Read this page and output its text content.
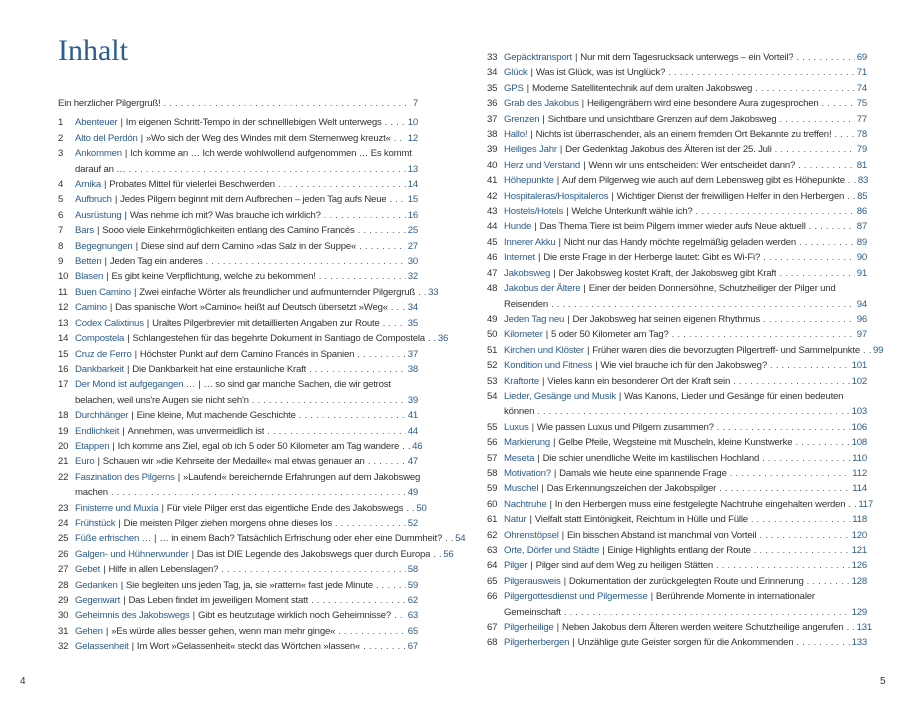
Inhalt
Ein herzlicher Pilgergruß! . . .	7
1	Abenteuer | Im eigenen Schritt-Tempo in der schnelllebigen Welt unterwegs . . .	10
2	Alto del Perdón | »Wo sich der Weg des Windes mit dem Sternenweg kreuzt« . . . 12
3	Ankommen | Ich komme an … Ich werde wohlwollend aufgenommen … Es kommt
darauf an … . . .	13
4	Arnika | Probates Mittel für vielerlei Beschwerden . . .	14
5	Aufbruch | Jedes Pilgern beginnt mit dem Aufbrechen – jeden Tag aufs Neue . . . 15
6	Ausrüstung | Was nehme ich mit? Was brauche ich wirklich? . . .	16
7	Bars | Sooo viele Einkehrmöglichkeiten entlang des Camino Francés . . .	25
8	Begegnungen | Diese sind auf dem Camino »das Salz in der Suppe« . . .	27
9	Betten | Jeden Tag ein anderes . . .	30
10 Blasen | Es gibt keine Verpflichtung, welche zu bekommen! . . .	32
11 Buen Camino | Zwei einfache Wörter als freundlicher und aufmunternder Pilgergruß . . . 33
12 Camino | Das spanische Wort »Camino« heißt auf Deutsch übersetzt »Weg« . . . 34
13 Codex Calixtinus | Uraltes Pilgerbrevier mit detaillierten Angaben zur Route . . .	35
14 Compostela | Schlangestehen für das begehrte Dokument in Santiago de Compostela . . . 36
15 Cruz de Ferro | Höchster Punkt auf dem Camino Francés in Spanien . . .	37
16 Dankbarkeit | Die Dankbarkeit hat eine erstaunliche Kraft . . .	38
17 Der Mond ist aufgegangen … | … so sind gar manche Sachen, die wir getrost
belachen, weil uns're Augen sie nicht seh'n . . .	39
18 Durchhänger | Eine kleine, Mut machende Geschichte . . .	41
19 Endlichkeit | Annehmen, was unvermeidlich ist . . .	44
20 Etappen | Ich komme ans Ziel, egal ob ich 5 oder 50 Kilometer am Tag wandere . . . 46
21 Euro | Schauen wir »die Kehrseite der Medaille« mal etwas genauer an . . .	47
22 Faszination des Pilgerns | »Laufend« bereichernde Erfahrungen auf dem Jakobsweg
machen . . .	49
23 Finisterre und Muxía | Für viele Pilger erst das eigentliche Ende des Jakobswegs . . . 50
24 Frühstück | Die meisten Pilger ziehen morgens ohne dieses los . . .	52
25 Füße erfrischen … | … in einem Bach? Tatsächlich Erfrischung oder eher eine Dummheit? . . . 54
26 Galgen- und Hühnerwunder | Das ist DIE Legende des Jakobswegs quer durch Europa . . . 56
27 Gebet | Hilfe in allen Lebenslagen? . . .	58
28 Gedanken | Sie begleiten uns jeden Tag, ja, sie »rattern« fast jede Minute . . .	59
29 Gegenwart | Das Leben findet im jeweiligen Moment statt . . .	62
30 Geheimnis des Jakobswegs | Gibt es heutzutage wirklich noch Geheimnisse? . . . 63
31 Gehen | »Es würde alles besser gehen, wenn man mehr ginge« . . .	65
32 Gelassenheit | Im Wort »Gelassenheit« steckt das Wörtchen »lassen« . . .	67
4
33 Gepäcktransport | Nur mit dem Tagesrucksack unterwegs – ein Vorteil? . . .	69
34 Glück | Was ist Glück, was ist Unglück? . . .	71
35 GPS | Moderne Satellitentechnik auf dem uralten Jakobsweg . . .	74
36 Grab des Jakobus | Heiligengräbern wird eine besondere Aura zugesprochen . . .	75
37 Grenzen | Sichtbare und unsichtbare Grenzen auf dem Jakobsweg . . .	77
38 Hallo! | Nichts ist überraschender, als an einem fremden Ort Bekannte zu treffen! . . .	78
39 Heiliges Jahr | Der Gedenktag Jakobus des Älteren ist der 25. Juli . . .	79
40 Herz und Verstand | Wenn wir uns entscheiden: Wer entscheidet dann? . . .	81
41 Höhepunkte | Auf dem Pilgerweg wie auch auf dem Lebensweg gibt es Höhepunkte . . . 83
42 Hospitaleras/Hospitaleros | Wichtiger Dienst der freiwilligen Helfer in den Herbergen . . . 85
43 Hostels/Hotels | Welche Unterkunft wähle ich? . . .	86
44 Hunde | Das Thema Tiere ist beim Pilgern immer wieder aufs Neue aktuell . . .	87
45 Innerer Akku | Nicht nur das Handy möchte regelmäßig geladen werden . . .	89
46 Internet | Die erste Frage in der Herberge lautet: Gibt es Wi-Fi? . . .	90
47 Jakobsweg | Der Jakobsweg kostet Kraft, der Jakobsweg gibt Kraft . . .	91
48 Jakobus der Ältere | Einer der beiden Donnersöhne, Schutzheiliger der Pilger und
Reisenden . . .	94
49 Jeden Tag neu | Der Jakobsweg hat seinen eigenen Rhythmus . . .	96
50 Kilometer | 5 oder 50 Kilometer am Tag? . . .	97
51 Kirchen und Klöster | Früher waren dies die bevorzugten Pilgertreff- und Sammelpunkte . . . 99
52 Kondition und Fitness | Wie viel brauche ich für den Jakobsweg? . . .	101
53 Kraftorte | Vieles kann ein besonderer Ort der Kraft sein . . .	102
54 Lieder, Gesänge und Musik | Was Kanons, Lieder und Gesänge für einen bedeuten
können . . .	103
55 Luxus | Wie passen Luxus und Pilgern zusammen? . . .	106
56 Markierung | Gelbe Pfeile, Wegsteine mit Muscheln, kleine Kunstwerke . . .	108
57 Meseta | Die schier unendliche Weite im kastilischen Hochland . . .	110
58 Motivation? | Damals wie heute eine spannende Frage . . .	112
59 Muschel | Das Erkennungszeichen der Jakobspilger . . .	114
60 Nachtruhe | In den Herbergen muss eine festgelegte Nachtruhe eingehalten werden . . . 117
61 Natur | Vielfalt statt Eintönigkeit, Reichtum in Hülle und Fülle . . .	118
62 Ohrenstöpsel | Ein bisschen Abstand ist manchmal von Vorteil . . .	120
63 Orte, Dörfer und Städte | Einige Highlights entlang der Route . . .	121
64 Pilger | Pilger sind auf dem Weg zu heiligen Stätten . . .	126
65 Pilgerausweis | Dokumentation der zurückgelegten Route und Erinnerung . . .	128
66 Pilgergottesdienst und Pilgermesse | Berührende Momente in internationaler
Gemeinschaft . . .	129
67 Pilgerheilige | Neben Jakobus dem Älteren werden weitere Schutzheilige angerufen . . . 131
68 Pilgerherbergen | Unzählige gute Geister sorgen für die Ankommenden . . .	133
5
